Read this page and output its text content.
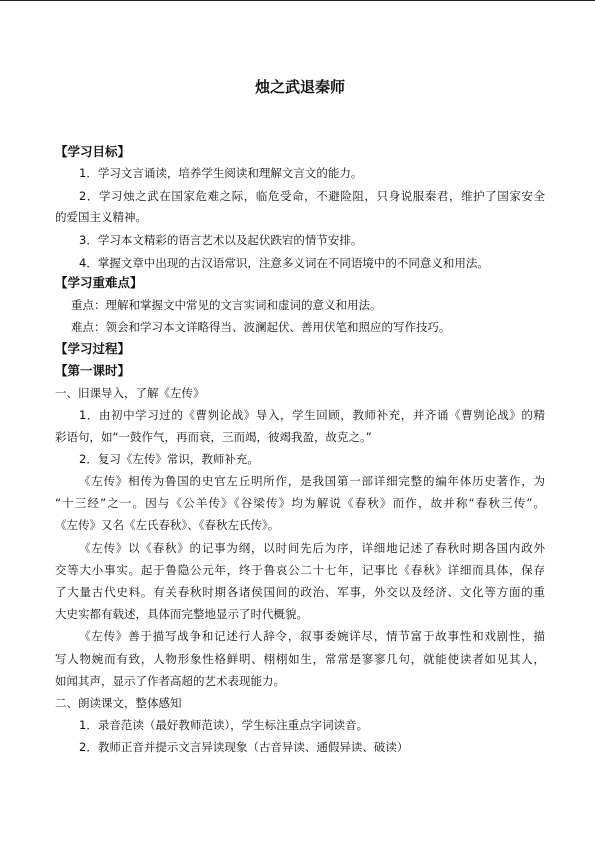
烛之武退秦师
【学习目标】
1．学习文言诵读，培养学生阅读和理解文言文的能力。
2．学习烛之武在国家危难之际，临危受命，不避险阻，只身说服秦君，维护了国家安全
的爱国主义精神。
3．学习本文精彩的语言艺术以及起伏跌宕的情节安排。
4．掌握文章中出现的古汉语常识，注意多义词在不同语境中的不同意义和用法。
【学习重难点】
重点：理解和掌握文中常见的文言实词和虚词的意义和用法。
难点：领会和学习本文详略得当、波澜起伏、善用伏笔和照应的写作技巧。
【学习过程】
【第一课时】
一、旧课导入，了解《左传》
1．由初中学习过的《曹刿论战》导入，学生回顾，教师补充，并齐诵《曹刿论战》的精
彩语句，如“一鼓作气，再而衰，三而竭，彼竭我盈，故克之。”
2．复习《左传》常识，教师补充。
《左传》相传为鲁国的史官左丘明所作，是我国第一部详细完整的编年体历史著作，为
“十三经”之一。因与《公羊传》《谷梁传》均为解说《春秋》而作，故并称“春秋三传”。
《左传》又名《左氏春秋》、《春秋左氏传》。
《左传》以《春秋》的记事为纲，以时间先后为序，详细地记述了春秋时期各国内政外
交等大小事实。起于鲁隐公元年，终于鲁哀公二十七年，记事比《春秋》详细而具体，保存
了大量古代史料。有关春秋时期各诸侯国间的政治、军事，外交以及经济、文化等方面的重
大史实都有载述，具体而完整地显示了时代概貌。
《左传》善于描写战争和记述行人辞令，叙事委婉详尽，情节富于故事性和戏剧性，描
写人物婉而有致，人物形象性格鲜明、栩栩如生，常常是寥寥几句，就能使读者如见其人，
如闻其声，显示了作者高超的艺术表现能力。
二、朗读课文，整体感知
1．录音范读（最好教师范读），学生标注重点字词读音。
2．教师正音并提示文言异读现象（古音异读、通假异读、破读）
